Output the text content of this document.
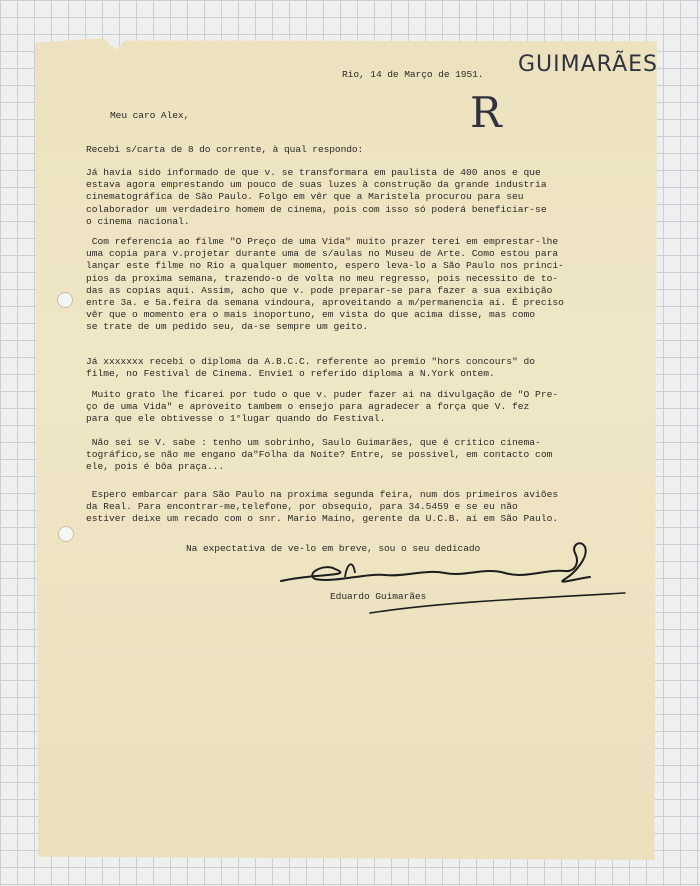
GUIMARÃES
R
Rio, 14 de Março de 1951.
Meu caro Alex,
Recebi s/carta de 8 do corrente, à qual respondo:
Já havia sido informado de que v. se transformara em paulista de 400 anos e que
estava agora emprestando um pouco de suas luzes à construção da grande industria
cinematográfica de São Paulo. Folgo em vêr que a Maristela procurou para seu
colaborador um verdadeiro homem de cinema, pois com isso só poderá beneficiar-se
o cinema nacional.
Com referencia ao filme "O Preço de uma Vida" muito prazer terei em emprestar-lhe
uma copia para v.projetar durante uma de s/aulas no Museu de Arte. Como estou para
lançar este filme no Rio a qualquer momento, espero leva-lo a São Paulo nos princi-
pios da proxima semana, trazendo-o de volta no meu regresso, pois necessito de to-
das as copias aqui. Assim, acho que v. pode preparar-se para fazer a sua exibição
entre 3a. e 5a.feira da semana vindoura, aproveitando a m/permanencia aí. É preciso
vêr que o momento era o mais inoportuno, em vista do que acima disse, mas como
se trate de um pedido seu, da-se sempre um geito.
Já xxxxxxx recebi o diploma da A.B.C.C. referente ao premio "hors concours" do
filme, no Festival de Cinema. Envie1 o referido diploma a N.York ontem.
Muito grato lhe ficarei por tudo o que v. puder fazer ai na divulgação de "O Pre-
ço de uma Vida" e aproveito tambem o ensejo para agradecer a força que V. fez
para que ele obtivesse o 1°lugar quando do Festival.
Não sei se V. sabe : tenho um sobrinho, Saulo Guimarães, que é critico cinema-
tográfico,se não me engano da"Folha da Noite? Entre, se possivel, em contacto com
ele, pois é bôa praça...
Espero embarcar para São Paulo na proxima segunda feira, num dos primeiros aviões
da Real. Para encontrar-me,telefone, por obsequio, para 34.5459 e se eu não
estiver deixe um recado com o snr. Mario Maino, gerente da U.C.B. aí em São Paulo.
Na expectativa de ve-lo em breve, sou o seu dedicado
Eduardo Guimarães
